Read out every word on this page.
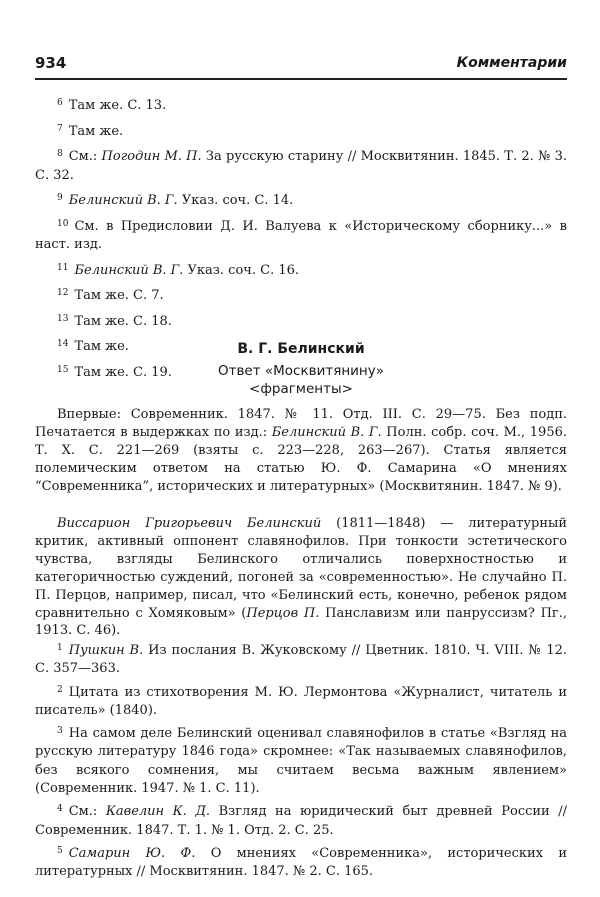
934	Комментарии

$^6$ Там же. С. 13.

$^7$ Там же.

$^8$ См.: Погодин М. П. За русскую старину // Москвитянин. 1845. Т. 2. № 3. С. 32.

$^9$ Белинский В. Г. Указ. соч. С. 14.

$^{10}$ См. в Предисловии Д. И. Валуева к «Историческому сборнику...» в наст. изд.

$^{11}$ Белинский В. Г. Указ. соч. С. 16.

$^{12}$ Там же. С. 7.

$^{13}$ Там же. С. 18.

$^{14}$ Там же.

$^{15}$ Там же. С. 19.

В. Г. Белинский
Ответ «Москвитянину»
<фрагменты>

Впервые: Современник. 1847. № 11. Отд. III. С. 29—75. Без подп. Печатается в выдержках по изд.: Белинский В. Г. Полн. собр. соч. М., 1956. Т. X. С. 221—269 (взяты с. 223—228, 263—267). Статья является полемическим ответом на статью Ю. Ф. Самарина «О мнениях “Современника”, исторических и литературных» (Москвитянин. 1847. № 9).

Виссарион Григорьевич Белинский (1811—1848) — литературный критик, активный оппонент славянофилов. При тонкости эстетического чувства, взгляды Белинского отличались поверхностностью и категоричностью суждений, погоней за «современностью». Не случайно П. П. Перцов, например, писал, что «Белинский есть, конечно, ребенок рядом сравнительно с Хомяковым» (Перцов П. Панславизм или панруссизм? Пг., 1913. С. 46).

$^1$ Пушкин В. Из послания В. Жуковскому // Цветник. 1810. Ч. VIII. № 12. С. 357—363.

$^2$ Цитата из стихотворения М. Ю. Лермонтова «Журналист, читатель и писатель» (1840).

$^3$ На самом деле Белинский оценивал славянофилов в статье «Взгляд на русскую литературу 1846 года» скромнее: «Так называемых славянофилов, без всякого сомнения, мы считаем весьма важным явлением» (Современник. 1947. № 1. С. 11).

$^4$ См.: Кавелин К. Д. Взгляд на юридический быт древней России // Современник. 1847. Т. 1. № 1. Отд. 2. С. 25.

$^5$ Самарин Ю. Ф. О мнениях «Современника», исторических и литературных // Москвитянин. 1847. № 2. С. 165.
